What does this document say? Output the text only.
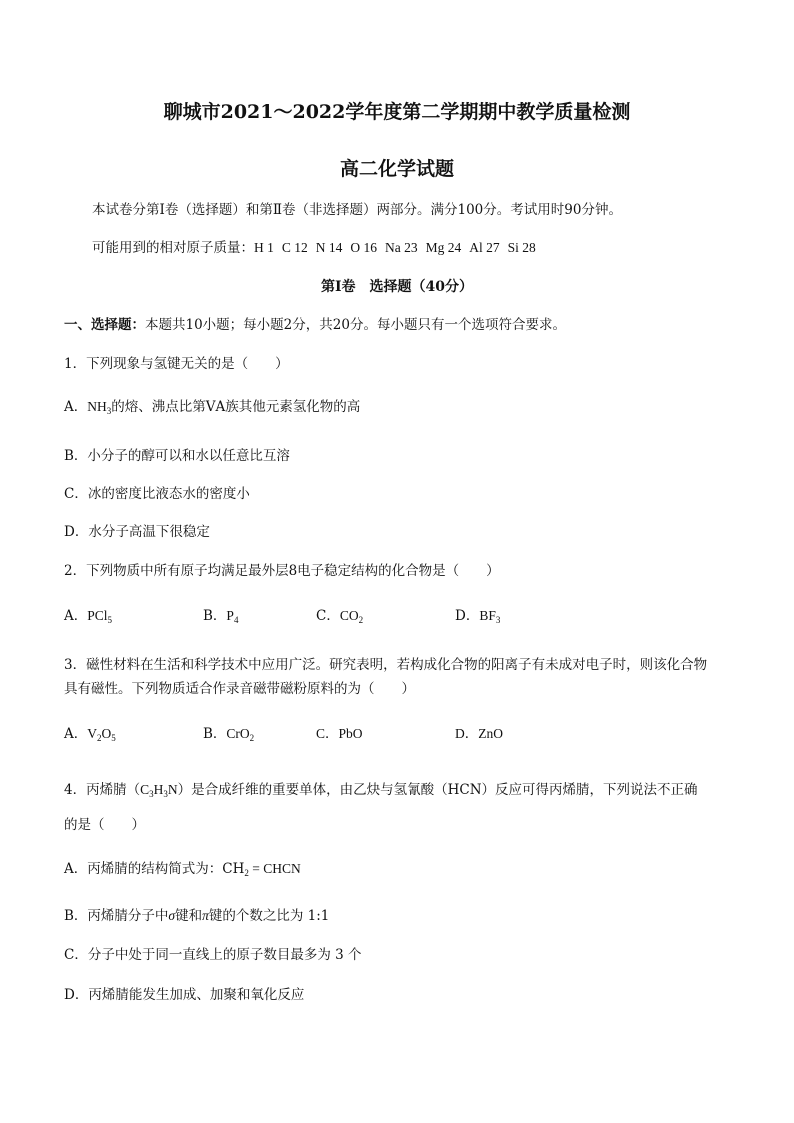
聊城市2021～2022学年度第二学期期中教学质量检测
高二化学试题
本试卷分第Ⅰ卷（选择题）和第Ⅱ卷（非选择题）两部分。满分100分。考试用时90分钟。
可能用到的相对原子质量：H 1 C 12 N 14 O 16 Na 23 Mg 24 Al 27 Si 28
第Ⅰ卷　选择题（40分）
一、选择题：本题共10小题；每小题2分，共20分。每小题只有一个选项符合要求。
1．下列现象与氢键无关的是（　　）
A．$NH_3$的熔、沸点比第ⅤA族其他元素氢化物的高
B．小分子的醇可以和水以任意比互溶
C．冰的密度比液态水的密度小
D．水分子高温下很稳定
2．下列物质中所有原子均满足最外层8电子稳定结构的化合物是（　　）
A．PCl$_5$	B．$P_4$	C．$CO_2$	D．$BF_3$
3．磁性材料在生活和科学技术中应用广泛。研究表明，若构成化合物的阳离子有未成对电子时，则该化合物
具有磁性。下列物质适合作录音磁带磁粉原料的为（　　）
A．$V_2O_5$	B．CrO$_2$	C．PbO	D．ZnO
4．丙烯腈$(C_3H_3N)$是合成纤维的重要单体，由乙炔与氢氰酸（HCN）反应可得丙烯腈，下列说法不正确
的是（　　）
A．丙烯腈的结构简式为：$CH_2$ = CHCN
B．丙烯腈分子中σ键和π键的个数之比为 1:1
C．分子中处于同一直线上的原子数目最多为 3 个
D．丙烯腈能发生加成、加聚和氧化反应
